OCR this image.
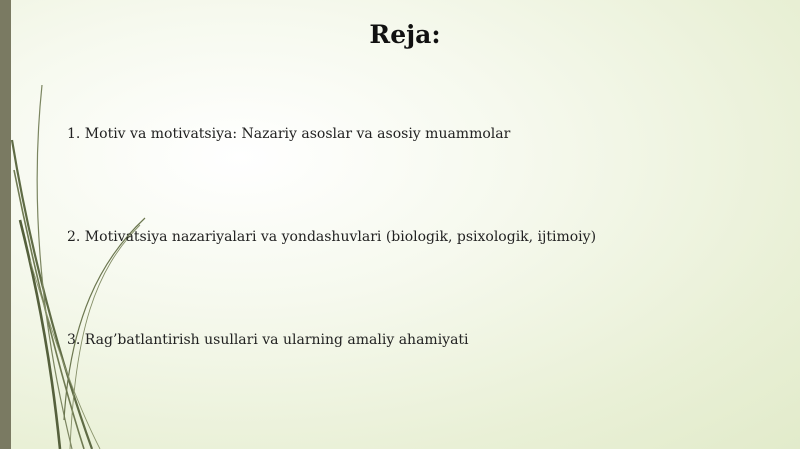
Reja:
1. Motiv va motivatsiya: Nazariy asoslar va asosiy muammolar
2. Motivatsiya nazariyalari va yondashuvlari (biologik, psixologik, ijtimoiy)
3. Rag’batlantirish usullari va ularning amaliy ahamiyati
